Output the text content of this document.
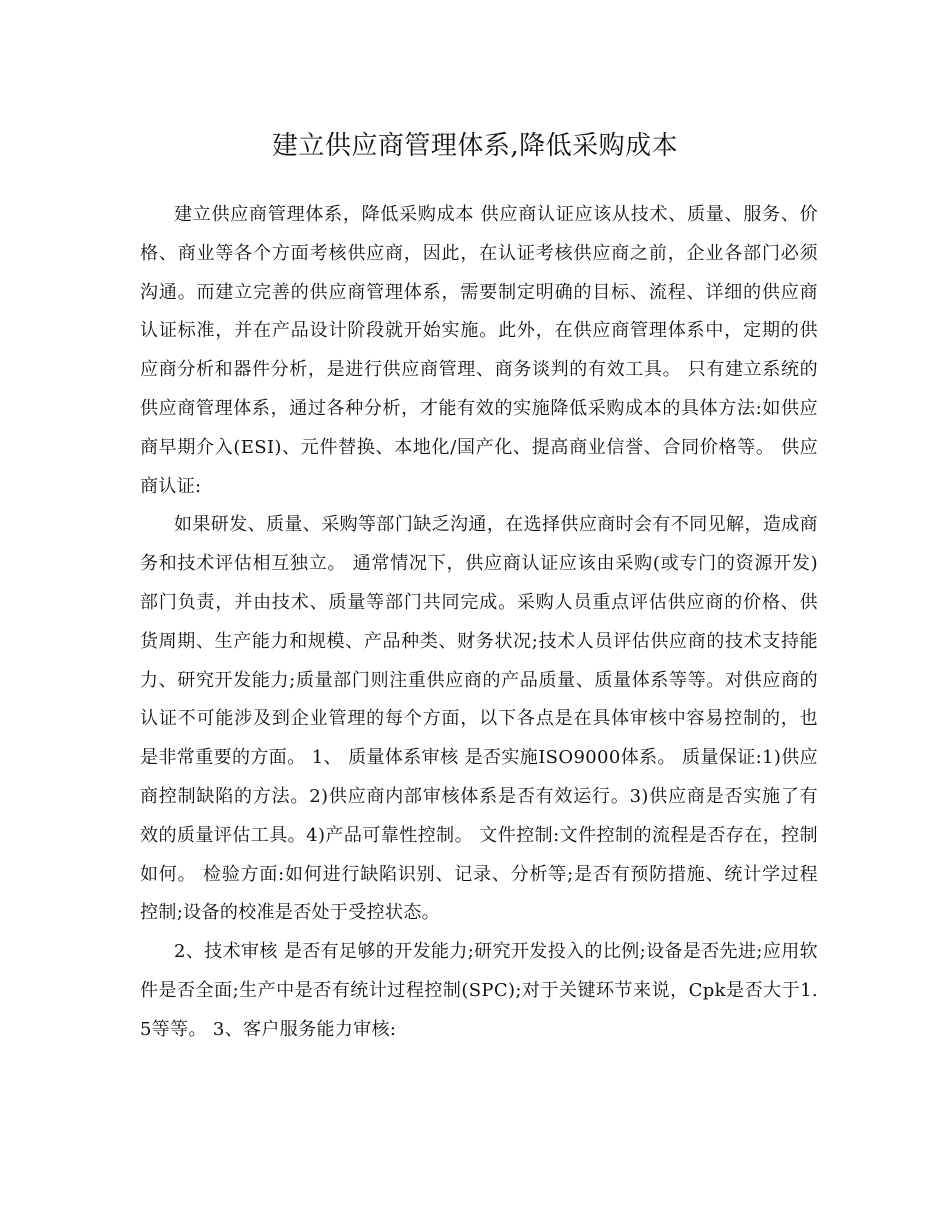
建立供应商管理体系,降低采购成本

建立供应商管理体系，降低采购成本 供应商认证应该从技术、质量、服务、价格、商业等各个方面考核供应商，因此，在认证考核供应商之前，企业各部门必须沟通。而建立完善的供应商管理体系，需要制定明确的目标、流程、详细的供应商认证标准，并在产品设计阶段就开始实施。此外，在供应商管理体系中，定期的供应商分析和器件分析，是进行供应商管理、商务谈判的有效工具。 只有建立系统的供应商管理体系，通过各种分析，才能有效的实施降低采购成本的具体方法:如供应商早期介入(ESI)、元件替换、本地化/国产化、提高商业信誉、合同价格等。 供应商认证:

如果研发、质量、采购等部门缺乏沟通，在选择供应商时会有不同见解，造成商务和技术评估相互独立。 通常情况下，供应商认证应该由采购(或专门的资源开发)部门负责，并由技术、质量等部门共同完成。采购人员重点评估供应商的价格、供货周期、生产能力和规模、产品种类、财务状况;技术人员评估供应商的技术支持能力、研究开发能力;质量部门则注重供应商的产品质量、质量体系等等。对供应商的认证不可能涉及到企业管理的每个方面，以下各点是在具体审核中容易控制的，也是非常重要的方面。 1、 质量体系审核 是否实施ISO9000体系。 质量保证:1)供应商控制缺陷的方法。2)供应商内部审核体系是否有效运行。3)供应商是否实施了有效的质量评估工具。4)产品可靠性控制。 文件控制:文件控制的流程是否存在，控制如何。 检验方面:如何进行缺陷识别、记录、分析等;是否有预防措施、统计学过程控制;设备的校准是否处于受控状态。

2、技术审核 是否有足够的开发能力;研究开发投入的比例;设备是否先进;应用软件是否全面;生产中是否有统计过程控制(SPC);对于关键环节来说，Cpk是否大于1.5等等。 3、客户服务能力审核:
